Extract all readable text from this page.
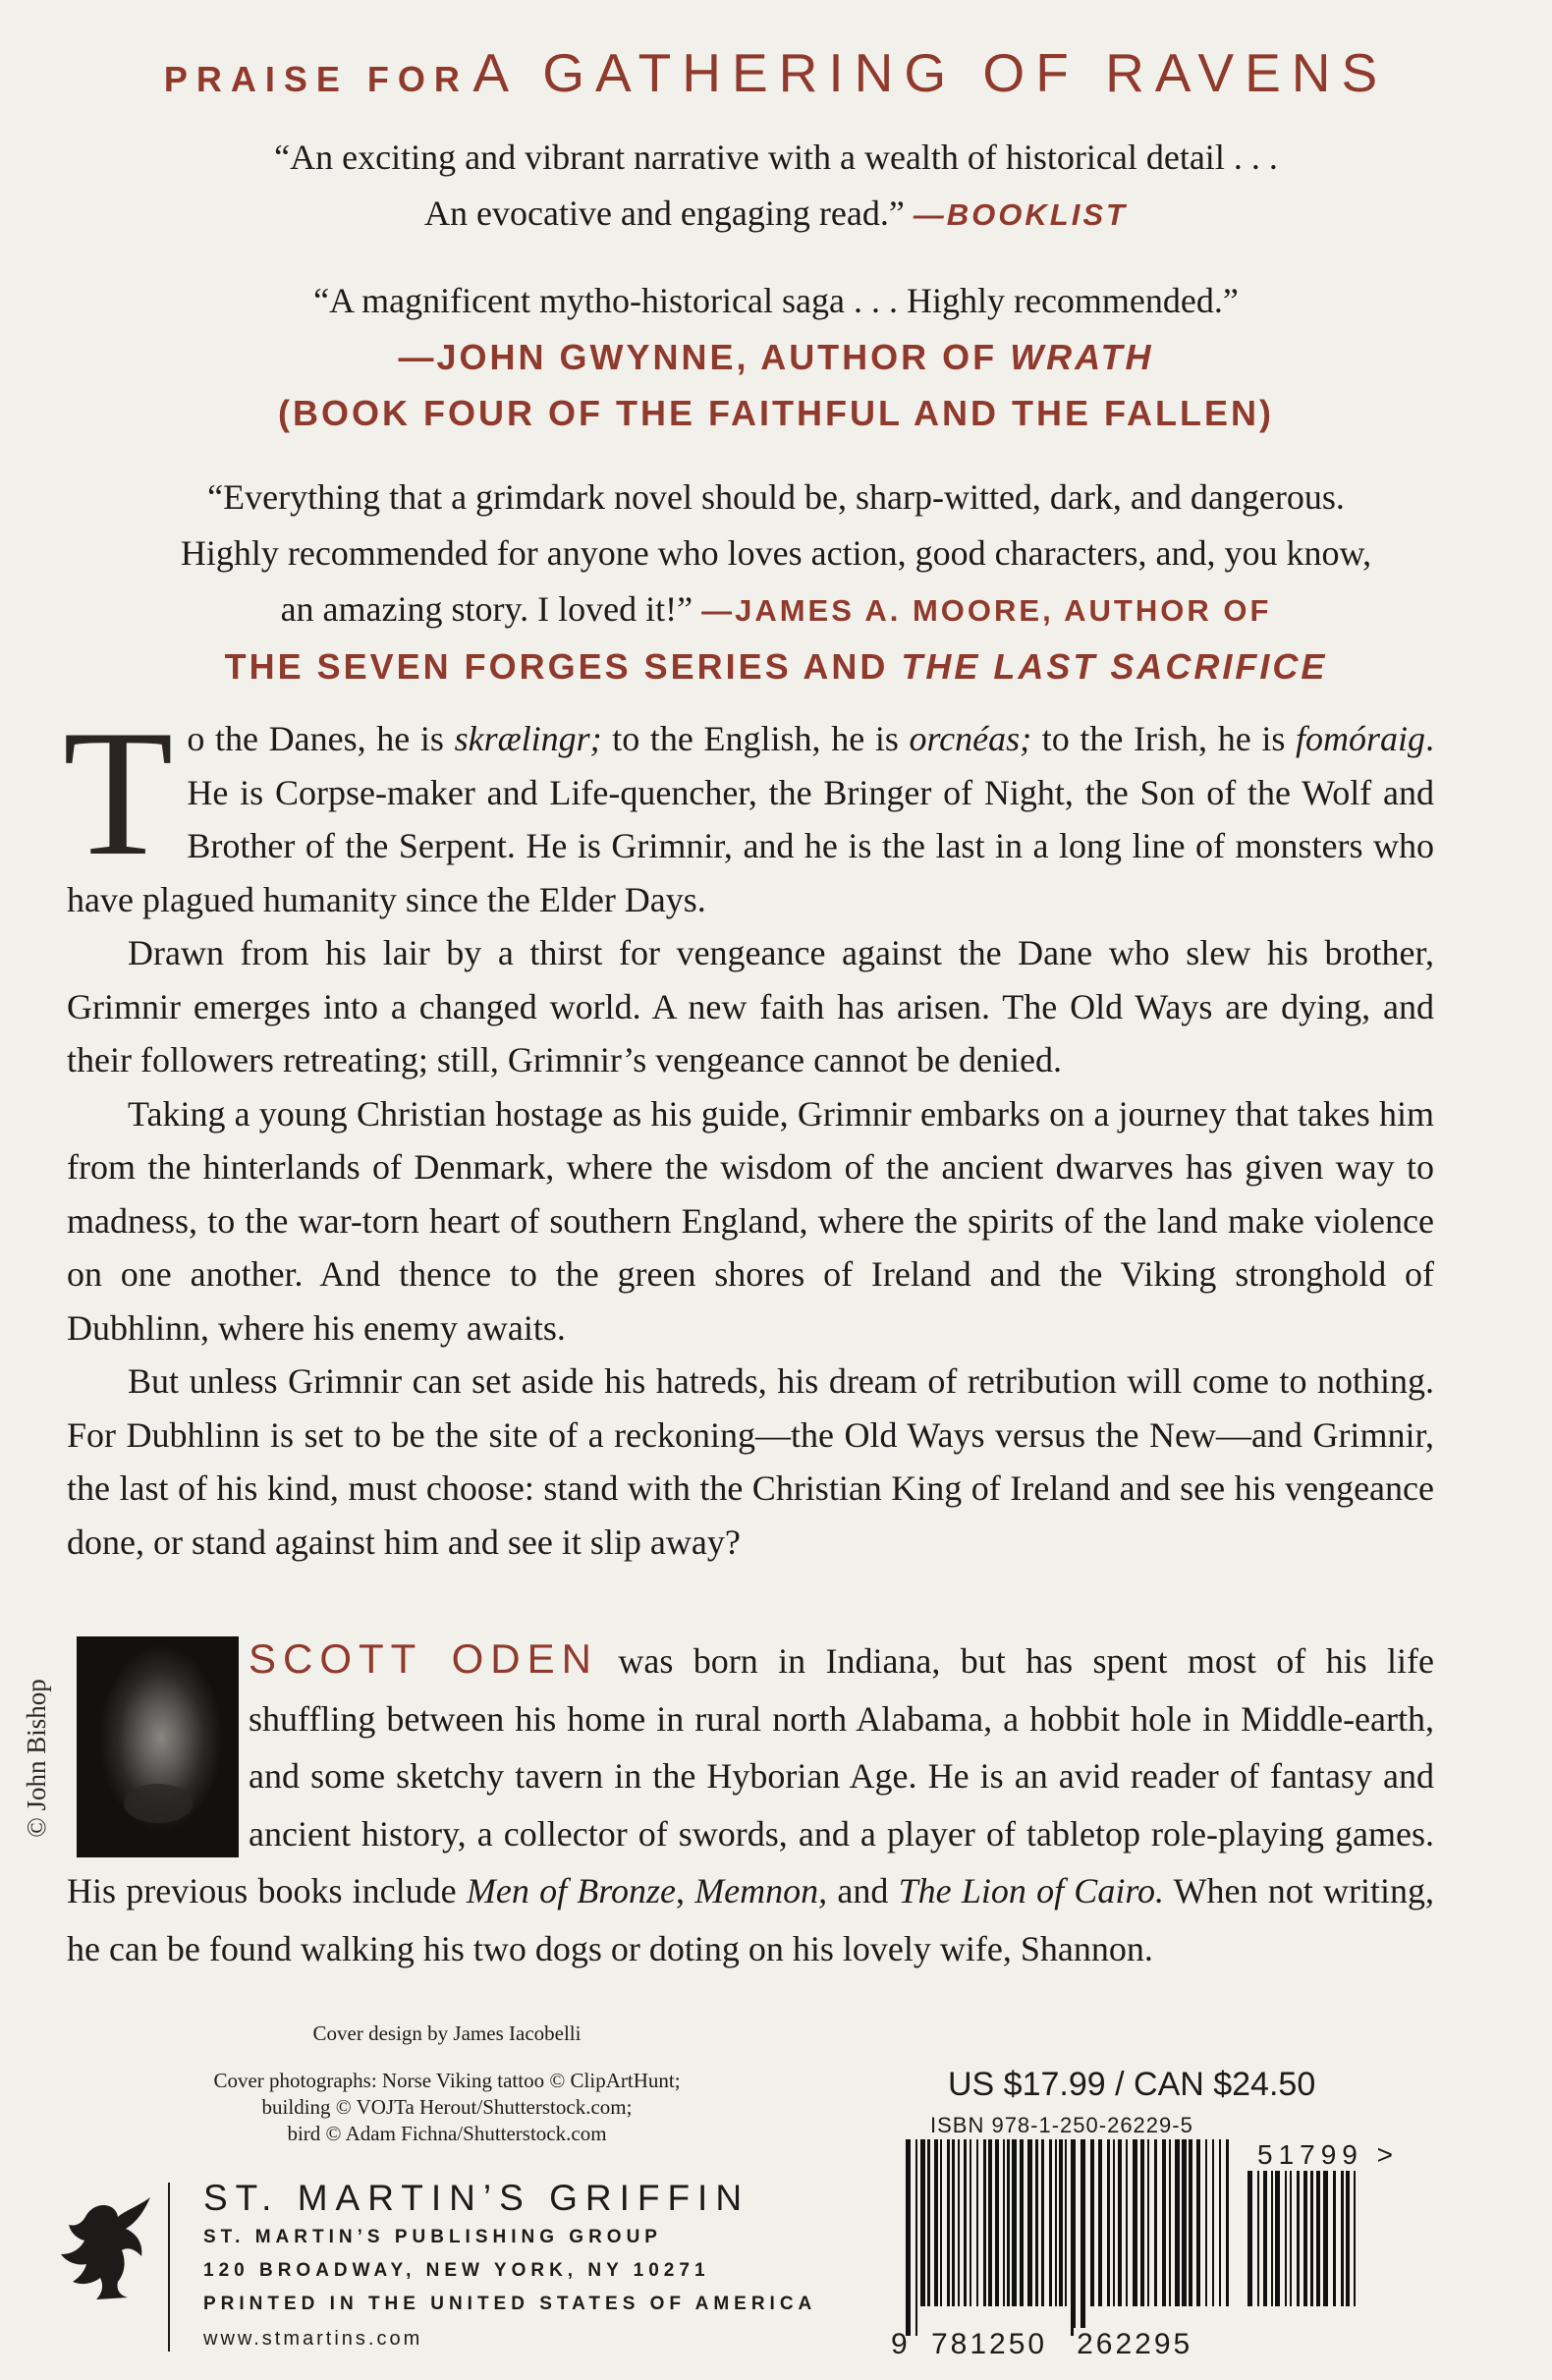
PRAISE FOR A GATHERING OF RAVENS

“An exciting and vibrant narrative with a wealth of historical detail . . .

An evocative and engaging read.” —BOOKLIST

“A magnificent mytho-historical saga . . . Highly recommended.”

—JOHN GWYNNE, AUTHOR OF WRATH

(BOOK FOUR OF THE FAITHFUL AND THE FALLEN)

“Everything that a grimdark novel should be, sharp-witted, dark, and dangerous.

Highly recommended for anyone who loves action, good characters, and, you know,

an amazing story. I loved it!” —JAMES A. MOORE, AUTHOR OF

THE SEVEN FORGES SERIES AND THE LAST SACRIFICE

To the Danes, he is skrælingr; to the English, he is orcnéas; to the Irish, he is fomóraig. He is Corpse-maker and Life-quencher, the Bringer of Night, the Son of the Wolf and Brother of the Serpent. He is Grimnir, and he is the last in a long line of monsters who have plagued humanity since the Elder Days.

Drawn from his lair by a thirst for vengeance against the Dane who slew his brother, Grimnir emerges into a changed world. A new faith has arisen. The Old Ways are dying, and their followers retreating; still, Grimnir’s vengeance cannot be denied.

Taking a young Christian hostage as his guide, Grimnir embarks on a journey that takes him from the hinterlands of Denmark, where the wisdom of the ancient dwarves has given way to madness, to the war-torn heart of southern England, where the spirits of the land make violence on one another. And thence to the green shores of Ireland and the Viking stronghold of Dubhlinn, where his enemy awaits.

But unless Grimnir can set aside his hatreds, his dream of retribution will come to nothing. For Dubhlinn is set to be the site of a reckoning—the Old Ways versus the New—and Grimnir, the last of his kind, must choose: stand with the Christian King of Ireland and see his vengeance done, or stand against him and see it slip away?

© John Bishop
SCOTT ODEN was born in Indiana, but has spent most of his life shuffling between his home in rural north Alabama, a hobbit hole in Middle-earth, and some sketchy tavern in the Hyborian Age. He is an avid reader of fantasy and ancient history, a collector of swords, and a player of tabletop role-playing games. His previous books include Men of Bronze, Memnon, and The Lion of Cairo. When not writing, he can be found walking his two dogs or doting on his lovely wife, Shannon.
Cover design by James Iacobelli
Cover photographs: Norse Viking tattoo © ClipArtHunt;
building © VOJTa Herout/Shutterstock.com;
bird © Adam Fichna/Shutterstock.com
ST. MARTIN’S GRIFFIN
ST. MARTIN’S PUBLISHING GROUP
120 BROADWAY, NEW YORK, NY 10271
PRINTED IN THE UNITED STATES OF AMERICA
www.stmartins.com
US $17.99 / CAN $24.50
ISBN 978-1-250-26229-5
51799 >
9 781250 262295
